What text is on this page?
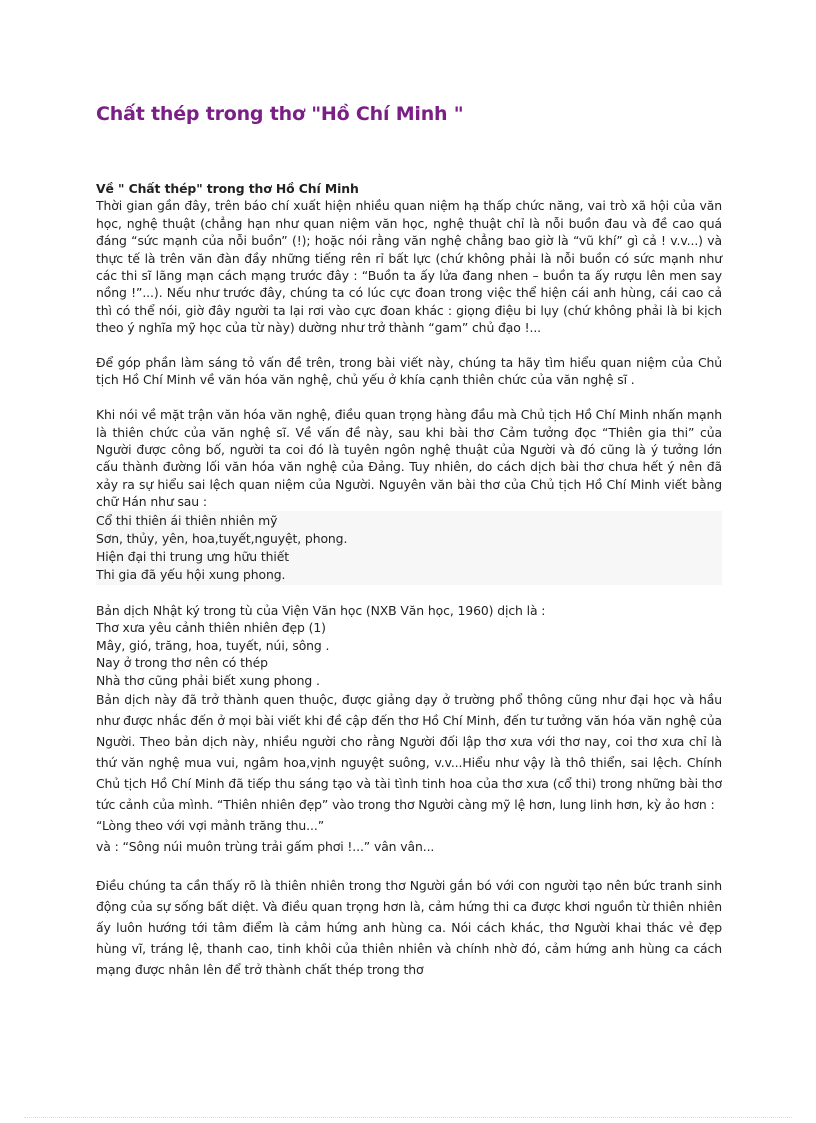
Chất thép trong thơ "Hồ Chí Minh "
Về " Chất thép" trong thơ Hồ Chí Minh
Thời gian gần đây, trên báo chí xuất hiện nhiều quan niệm hạ thấp chức năng, vai trò xã hội của văn học, nghệ thuật (chẳng hạn như quan niệm văn học, nghệ thuật chỉ là nỗi buồn đau và đề cao quá đáng “sức mạnh của nỗi buồn” (!); hoặc nói rằng văn nghệ chẳng bao giờ là “vũ khí” gì cả ! v.v...) và thực tế là trên văn đàn đầy những tiếng rên rỉ bất lực (chứ không phải là nỗi buồn có sức mạnh như các thi sĩ lãng mạn cách mạng trước đây : “Buồn ta ấy lửa đang nhen – buồn ta ấy rượu lên men say nồng !”...). Nếu như trước đây, chúng ta có lúc cực đoan trong việc thể hiện cái anh hùng, cái cao cả thì có thể nói, giờ đây người ta lại rơi vào cực đoan khác : giọng điệu bi lụy (chứ không phải là bi kịch theo ý nghĩa mỹ học của từ này) dường như trở thành “gam” chủ đạo !...
Để góp phần làm sáng tỏ vấn đề trên, trong bài viết này, chúng ta hãy tìm hiểu quan niệm của Chủ tịch Hồ Chí Minh về văn hóa văn nghệ, chủ yếu ở khía cạnh thiên chức của văn nghệ sĩ .
Khi nói về mặt trận văn hóa văn nghệ, điều quan trọng hàng đầu mà Chủ tịch Hồ Chí Minh nhấn mạnh là thiên chức của văn nghệ sĩ. Về vấn đề này, sau khi bài thơ Cảm tưởng đọc “Thiên gia thi” của Người được công bố, người ta coi đó là tuyên ngôn nghệ thuật của Người và đó cũng là ý tưởng lớn cấu thành đường lối văn hóa văn nghệ của Đảng. Tuy nhiên, do cách dịch bài thơ chưa hết ý nên đã xảy ra sự hiểu sai lệch quan niệm của Người. Nguyên văn bài thơ của Chủ tịch Hồ Chí Minh viết bằng chữ Hán như sau :
Cổ thi thiên ái thiên nhiên mỹ
Sơn, thủy, yên, hoa,tuyết,nguyệt, phong.
Hiện đại thi trung ưng hữu thiết
Thi gia đã yếu hội xung phong.
Bản dịch Nhật ký trong tù của Viện Văn học (NXB Văn học, 1960) dịch là :
Thơ xưa yêu cảnh thiên nhiên đẹp (1)
Mây, gió, trăng, hoa, tuyết, núi, sông .
Nay ở trong thơ nên có thép
Nhà thơ cũng phải biết xung phong .
Bản dịch này đã trở thành quen thuộc, được giảng dạy ở trường phổ thông cũng như đại học và hầu như được nhắc đến ở mọi bài viết khi đề cập đến thơ Hồ Chí Minh, đến tư tưởng văn hóa văn nghệ của Người. Theo bản dịch này, nhiều người cho rằng Người đối lập thơ xưa với thơ nay, coi thơ xưa chỉ là thứ văn nghệ mua vui, ngâm hoa,vịnh nguyệt suông, v.v...Hiểu như vậy là thô thiển, sai lệch. Chính Chủ tịch Hồ Chí Minh đã tiếp thu sáng tạo và tài tình tinh hoa của thơ xưa (cổ thi) trong những bài thơ tức cảnh của mình. “Thiên nhiên đẹp” vào trong thơ Người càng mỹ lệ hơn, lung linh hơn, kỳ ảo hơn :
“Lòng theo với vợi mảnh trăng thu...”
và : “Sông núi muôn trùng trải gấm phơi !...” vân vân...
Điều chúng ta cần thấy rõ là thiên nhiên trong thơ Người gắn bó với con người tạo nên bức tranh sinh động của sự sống bất diệt. Và điều quan trọng hơn là, cảm hứng thi ca được khơi nguồn từ thiên nhiên ấy luôn hướng tới tâm điểm là cảm hứng anh hùng ca. Nói cách khác, thơ Người khai thác vẻ đẹp hùng vĩ, tráng lệ, thanh cao, tinh khôi của thiên nhiên và chính nhờ đó, cảm hứng anh hùng ca cách mạng được nhân lên để trở thành chất thép trong thơ
